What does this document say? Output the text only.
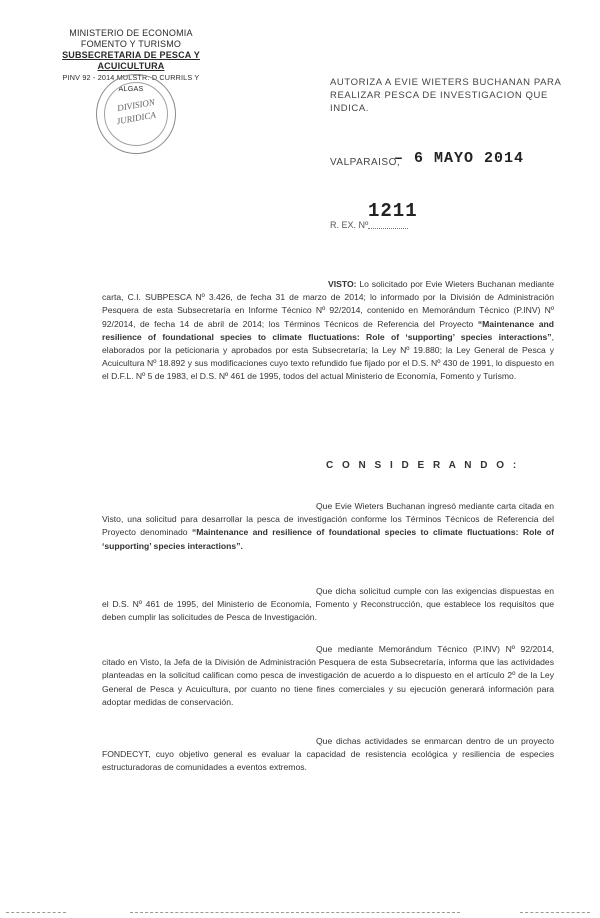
MINISTERIO DE ECONOMIA
FOMENTO Y TURISMO
SUBSECRETARIA DE PESCA Y ACUICULTURA
PINV 92 - 2014 MULSTR. D CURRILS Y ALGAS
DIVISION
JURIDICA
AUTORIZA A EVIE WIETERS BUCHANAN PARA
REALIZAR PESCA DE INVESTIGACION QUE INDICA.
VALPARAISO,
– 6 MAYO 2014
R. EX. Nº
1211
VISTO: Lo solicitado por Evie Wieters Buchanan mediante carta, C.I. SUBPESCA Nº 3.426, de fecha 31 de marzo de 2014; lo informado por la División de Administración Pesquera de esta Subsecretaría en Informe Técnico Nº 92/2014, contenido en Memorándum Técnico (P.INV) Nº 92/2014, de fecha 14 de abril de 2014; los Términos Técnicos de Referencia del Proyecto “Maintenance and resilience of foundational species to climate fluctuations: Role of ‘supporting’ species interactions”, elaborados por la peticionaria y aprobados por esta Subsecretaría; la Ley Nº 19.880; la Ley General de Pesca y Acuicultura Nº 18.892 y sus modificaciones cuyo texto refundido fue fijado por el D.S. Nº 430 de 1991, lo dispuesto en el D.F.L. Nº 5 de 1983, el D.S. Nº 461 de 1995, todos del actual Ministerio de Economía, Fomento y Turismo.
C O N S I D E R A N D O :
Que Evie Wieters Buchanan ingresó mediante carta citada en Visto, una solicitud para desarrollar la pesca de investigación conforme los Términos Técnicos de Referencia del Proyecto denominado “Maintenance and resilience of foundational species to climate fluctuations: Role of ‘supporting’ species interactions”.
Que dicha solicitud cumple con las exigencias dispuestas en el D.S. Nº 461 de 1995, del Ministerio de Economía, Fomento y Reconstrucción, que establece los requisitos que deben cumplir las solicitudes de Pesca de Investigación.
Que mediante Memorándum Técnico (P.INV) Nº 92/2014, citado en Visto, la Jefa de la División de Administración Pesquera de esta Subsecretaría, informa que las actividades planteadas en la solicitud califican como pesca de investigación de acuerdo a lo dispuesto en el artículo 2º de la Ley General de Pesca y Acuicultura, por cuanto no tiene fines comerciales y su ejecución generará información para adoptar medidas de conservación.
Que dichas actividades se enmarcan dentro de un proyecto FONDECYT, cuyo objetivo general es evaluar la capacidad de resistencia ecológica y resiliencia de especies estructuradoras de comunidades a eventos extremos.
